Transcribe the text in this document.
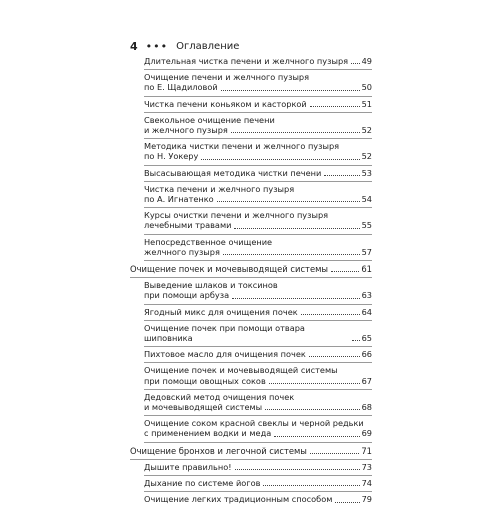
4 ••• Оглавление
Длительная чистка печени и желчного пузыря 49
Очищение печени и желчного пузыря
по Е. Щадиловой	50
Чистка печени коньяком и касторкой	51
Свекольное очищение печени
и желчного пузыря	52
Методика чистки печени и желчного пузыря
по Н. Уокеру	52
Высасывающая методика чистки печени	53
Чистка печени и желчного пузыря
по А. Игнатенко	54
Курсы очистки печени и желчного пузыря
лечебными травами	55
Непосредственное очищение
желчного пузыря	57
Очищение почек и мочевыводящей системы	61
Выведение шлаков и токсинов
при помощи арбуза	63
Ягодный микс для очищения почек	64
Очищение почек при помощи отвара шиповника	65
Пихтовое масло для очищения почек	66
Очищение почек и мочевыводящей системы
при помощи овощных соков	67
Дедовский метод очищения почек
и мочевыводящей системы	68
Очищение соком красной свеклы и черной редьки
с применением водки и меда	69
Очищение бронхов и легочной системы	71
Дышите правильно!	73
Дыхание по системе йогов	74
Очищение легких традиционным способом	79
